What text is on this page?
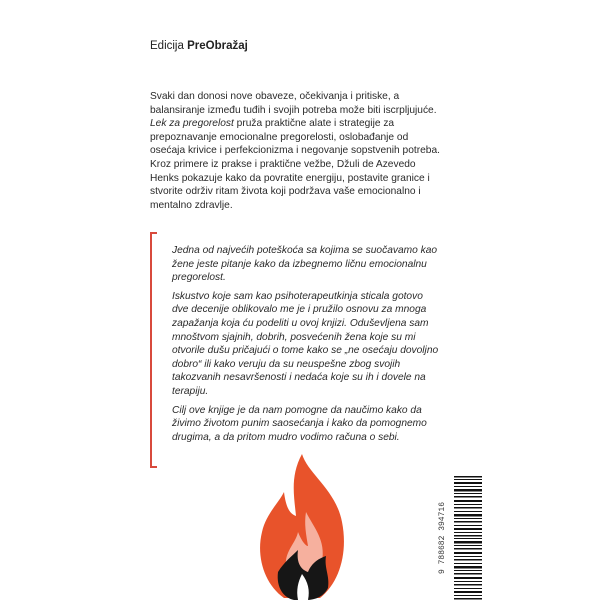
Edicija PreObražaj

Svaki dan donosi nove obaveze, očekivanja i pritiske, a balansiranje između tuđih i svojih potreba može biti iscrpljujuće. Lek za pregorelost pruža praktične alate i strategije za prepoznavanje emocionalne pregorelosti, oslobađanje od osećaja krivice i perfekcionizma i negovanje sopstvenih potreba. Kroz primere iz prakse i praktične vežbe, Džuli de Azevedo Henks pokazuje kako da povratite energiju, postavite granice i stvorite održiv ritam života koji podržava vaše emocionalno i mentalno zdravlje.

Jedna od najvećih poteškoća sa kojima se suočavamo kao žene jeste pitanje kako da izbegnemo ličnu emocionalnu pregorelost.

Iskustvo koje sam kao psihoterapeutkinja sticala gotovo dve decenije oblikovalo me je i pružilo osnovu za mnoga zapažanja koja ću podeliti u ovoj knjizi. Oduševljena sam mnoštvom sjajnih, dobrih, posvećenih žena koje su mi otvorile dušu pričajući o tome kako se „ne osećaju dovoljno dobro“ ili kako veruju da su neuspešne zbog svojih takozvanih nesavršenosti i nedaća koje su ih i dovele na terapiju.

Cilj ove knjige je da nam pomogne da naučimo kako da živimo životom punim saosećanja i kako da pomognemo drugima, a da pritom mudro vodimo računa o sebi.

9 788682 394716
